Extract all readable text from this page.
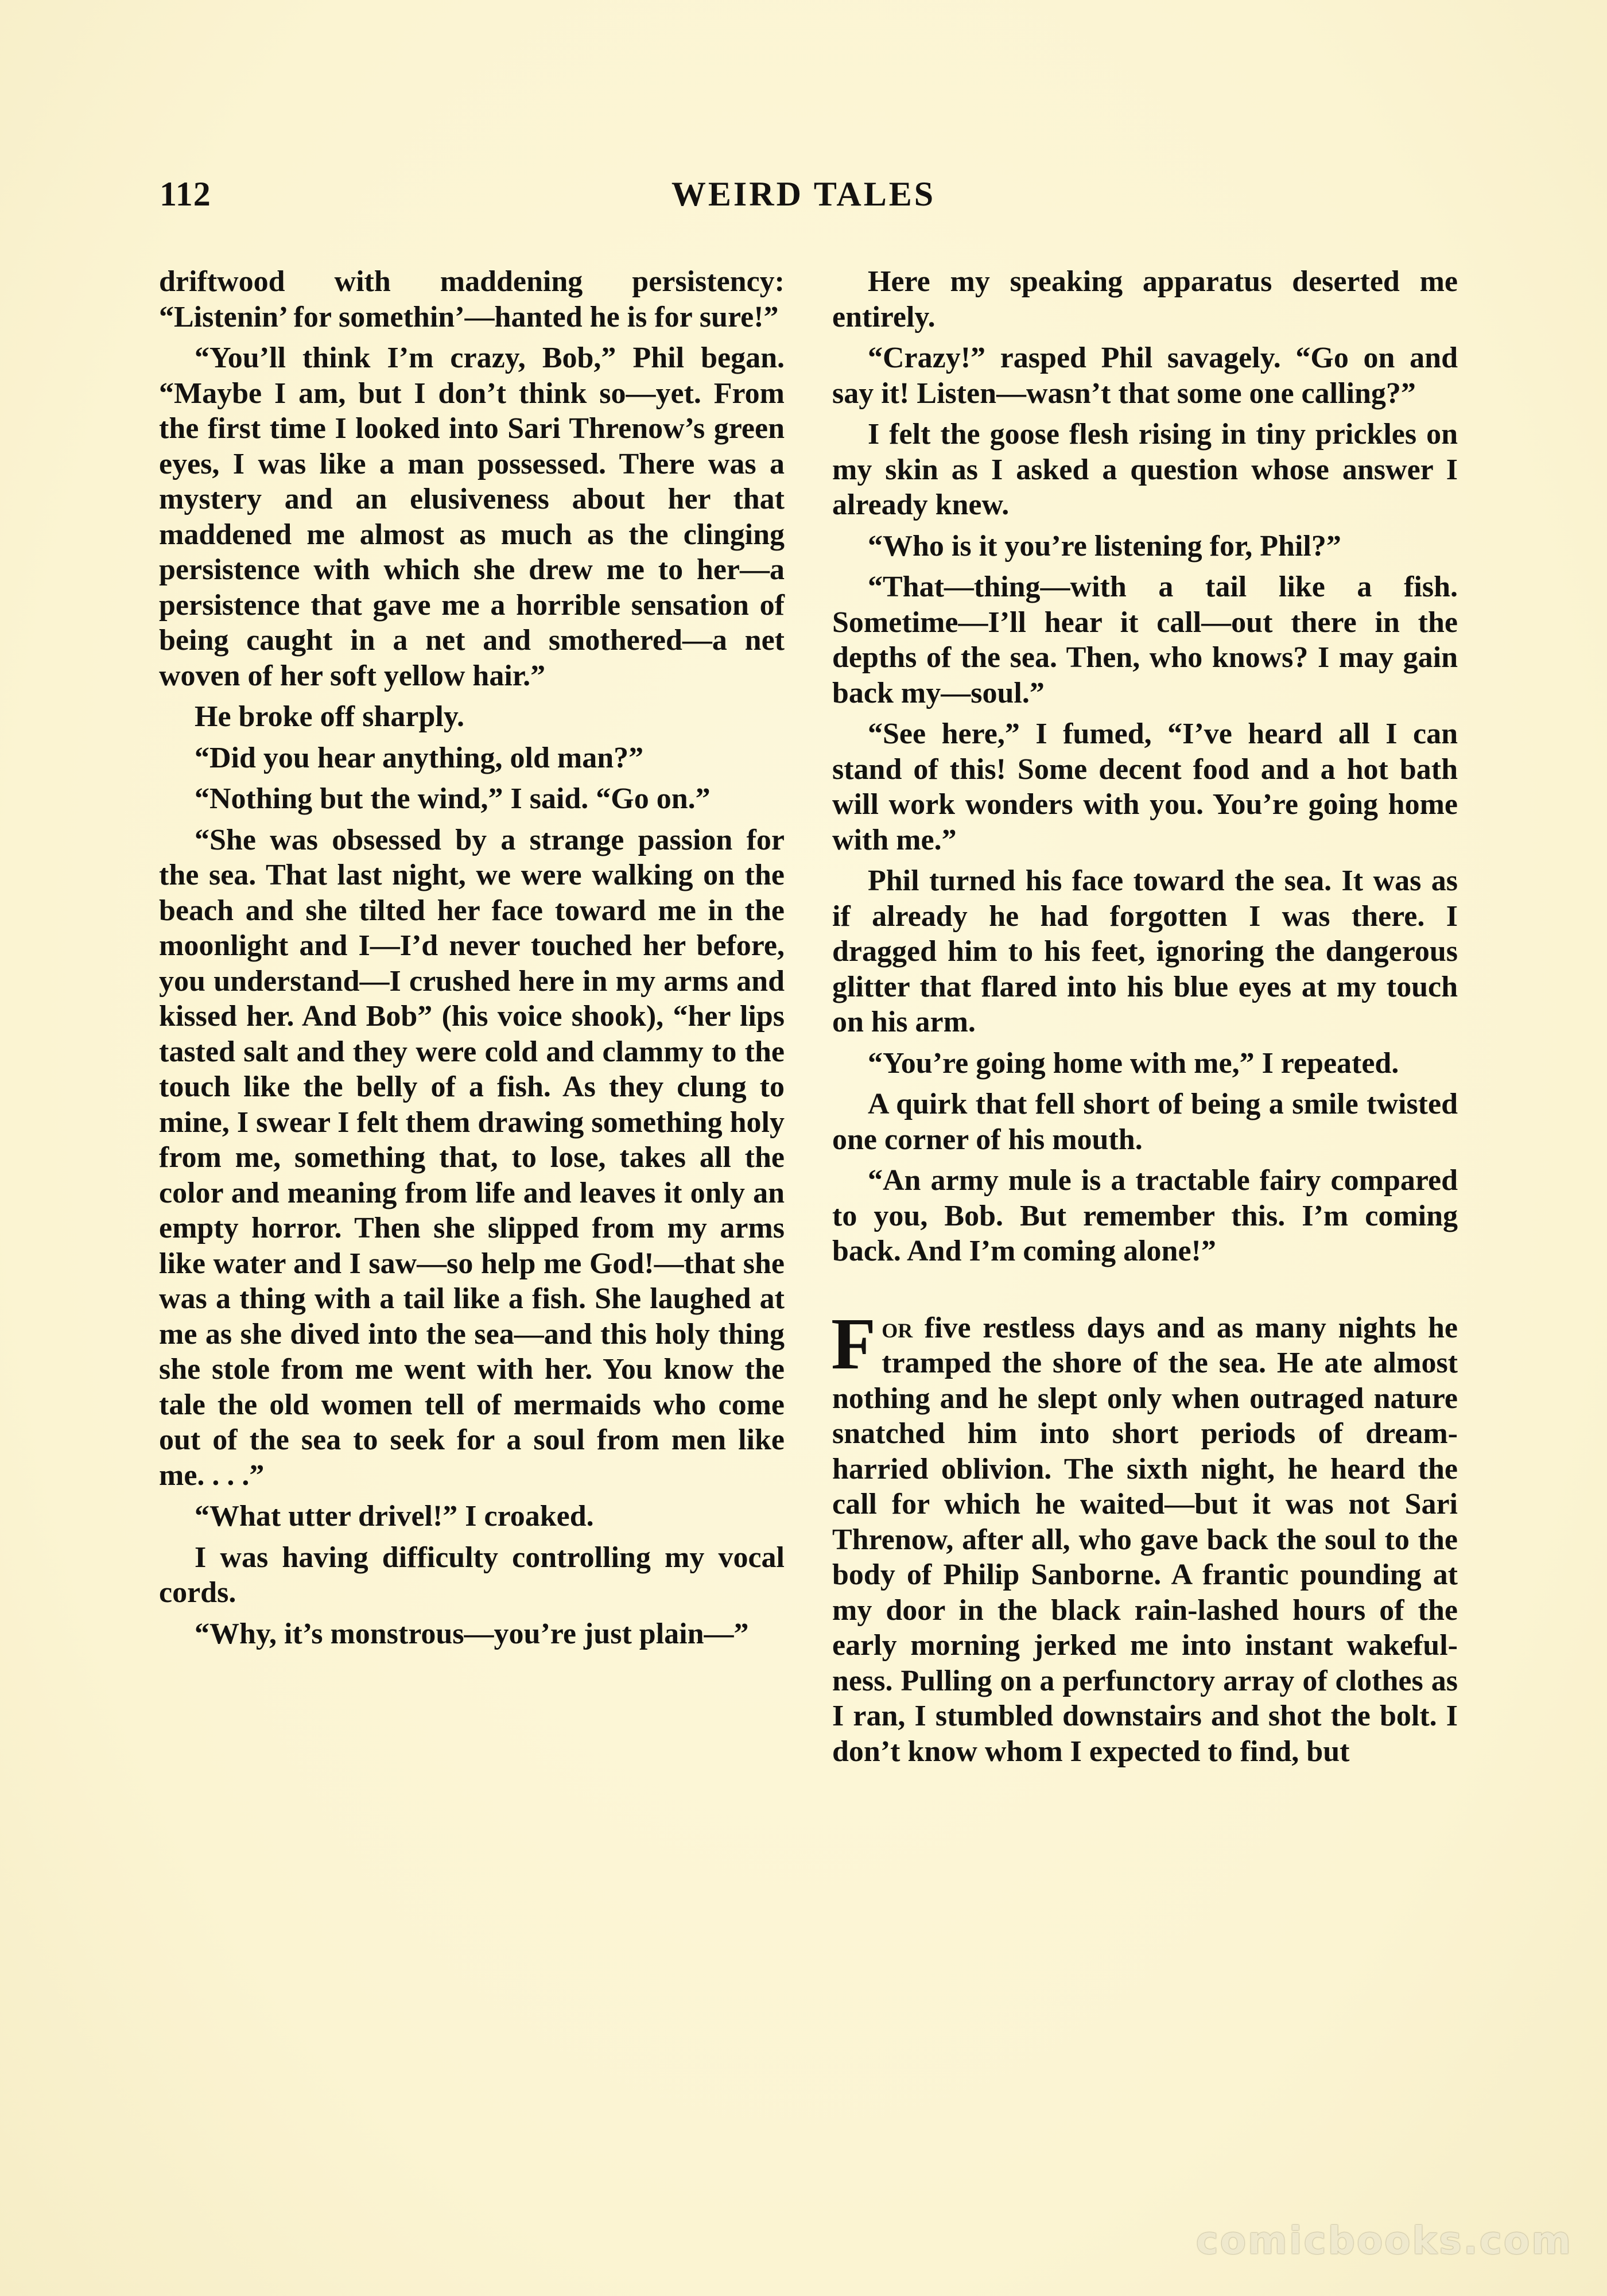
112	WEIRD TALES

driftwood with maddening persistency: “Listenin’ for somethin’—hanted he is for sure!”

“You’ll think I’m crazy, Bob,” Phil began. “Maybe I am, but I don’t think so—yet. From the first time I looked into Sari Threnow’s green eyes, I was like a man possessed. There was a mystery and an elusiveness about her that maddened me almost as much as the clinging persistence with which she drew me to her—a persistence that gave me a horrible sensation of being caught in a net and smothered—a net woven of her soft yellow hair.”

He broke off sharply.

“Did you hear anything, old man?”

“Nothing but the wind,” I said. “Go on.”

“She was obsessed by a strange passion for the sea. That last night, we were walking on the beach and she tilted her face toward me in the moonlight and I—I’d never touched her before, you understand—I crushed here in my arms and kissed her. And Bob” (his voice shook), “her lips tasted salt and they were cold and clammy to the touch like the belly of a fish. As they clung to mine, I swear I felt them drawing something holy from me, something that, to lose, takes all the color and meaning from life and leaves it only an empty horror. Then she slipped from my arms like water and I saw—so help me God!—that she was a thing with a tail like a fish. She laughed at me as she dived into the sea—and this holy thing she stole from me went with her. You know the tale the old women tell of mermaids who come out of the sea to seek for a soul from men like me. . . .”

“What utter drivel!” I croaked.

I was having difficulty controlling my vocal cords.

“Why, it’s monstrous—you’re just plain—”

Here my speaking apparatus deserted me entirely.

“Crazy!” rasped Phil savagely. “Go on and say it! Listen—wasn’t that some one calling?”

I felt the goose flesh rising in tiny prickles on my skin as I asked a question whose answer I already knew.

“Who is it you’re listening for, Phil?”

“That—thing—with a tail like a fish. Sometime—I’ll hear it call—out there in the depths of the sea. Then, who knows? I may gain back my—soul.”

“See here,” I fumed, “I’ve heard all I can stand of this! Some decent food and a hot bath will work wonders with you. You’re going home with me.”

Phil turned his face toward the sea. It was as if already he had forgotten I was there. I dragged him to his feet, ignoring the dangerous glitter that flared into his blue eyes at my touch on his arm.

“You’re going home with me,” I repeated.

A quirk that fell short of being a smile twisted one corner of his mouth.

“An army mule is a tractable fairy compared to you, Bob. But remember this. I’m coming back. And I’m coming alone!”

For five restless days and as many nights he tramped the shore of the sea. He ate almost nothing and he slept only when outraged nature snatched him into short periods of dream-harried oblivion. The sixth night, he heard the call for which he waited—but it was not Sari Threnow, after all, who gave back the soul to the body of Philip Sanborne. A frantic pounding at my door in the black rain-lashed hours of the early morning jerked me into instant wakefulness. Pulling on a perfunctory array of clothes as I ran, I stumbled downstairs and shot the bolt. I don’t know whom I expected to find, but

comicbooks.com
